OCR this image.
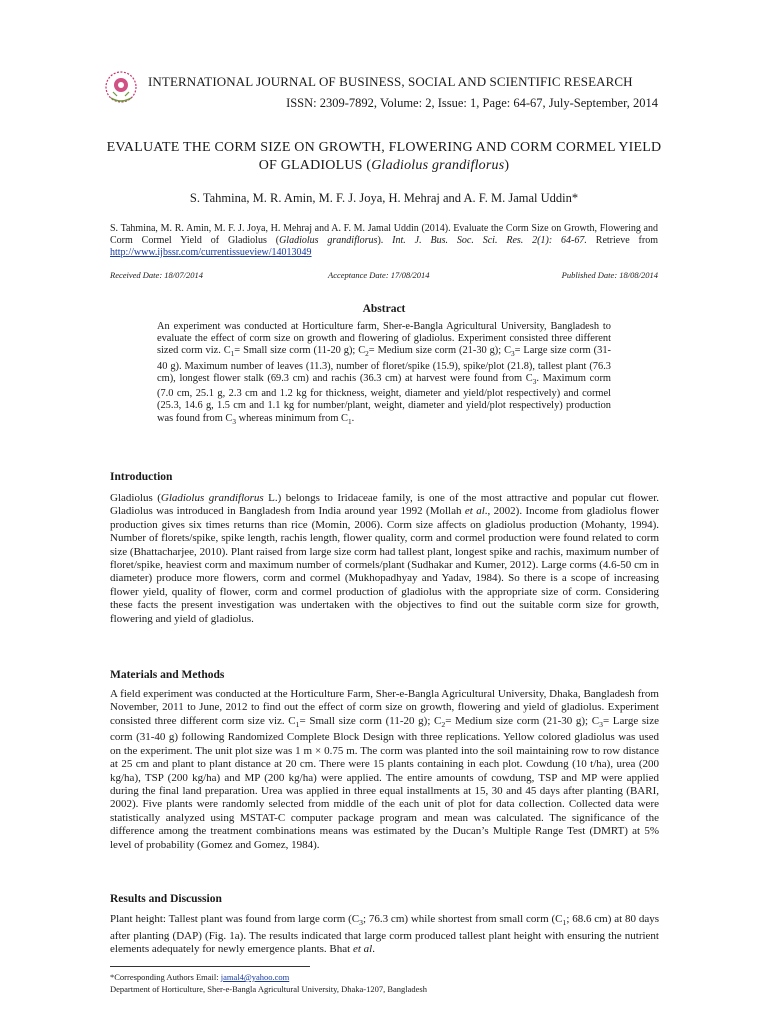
INTERNATIONAL JOURNAL OF BUSINESS, SOCIAL AND SCIENTIFIC RESEARCH
ISSN: 2309-7892, Volume: 2, Issue: 1, Page: 64-67, July-September, 2014
EVALUATE THE CORM SIZE ON GROWTH, FLOWERING AND CORM CORMEL YIELD OF GLADIOLUS (Gladiolus grandiflorus)
S. Tahmina, M. R. Amin, M. F. J. Joya, H. Mehraj and A. F. M. Jamal Uddin*
S. Tahmina, M. R. Amin, M. F. J. Joya, H. Mehraj and A. F. M. Jamal Uddin (2014). Evaluate the Corm Size on Growth, Flowering and Corm Cormel Yield of Gladiolus (Gladiolus grandiflorus). Int. J. Bus. Soc. Sci. Res. 2(1): 64-67. Retrieve from http://www.ijbssr.com/currentissueview/14013049
Received Date: 18/07/2014	Acceptance Date: 17/08/2014	Published Date: 18/08/2014
Abstract
An experiment was conducted at Horticulture farm, Sher-e-Bangla Agricultural University, Bangladesh to evaluate the effect of corm size on growth and flowering of gladiolus. Experiment consisted three different sized corm viz. $C_1=$ Small size corm (11-20 g); $C_2=$ Medium size corm (21-30 g); $C_3=$ Large size corm (31-40 g). Maximum number of leaves (11.3), number of floret/spike (15.9), spike/plot (21.8), tallest plant (76.3 cm), longest flower stalk (69.3 cm) and rachis (36.3 cm) at harvest were found from $C_3$. Maximum corm (7.0 cm, 25.1 g, 2.3 cm and 1.2 kg for thickness, weight, diameter and yield/plot respectively) and cormel (25.3, 14.6 g, 1.5 cm and 1.1 kg for number/plant, weight, diameter and yield/plot respectively) production was found from $C_3$ whereas minimum from $C_1$.
Introduction
Gladiolus (Gladiolus grandiflorus L.) belongs to Iridaceae family, is one of the most attractive and popular cut flower. Gladiolus was introduced in Bangladesh from India around year 1992 (Mollah et al., 2002). Income from gladiolus flower production gives six times returns than rice (Momin, 2006). Corm size affects on gladiolus production (Mohanty, 1994). Number of florets/spike, spike length, rachis length, flower quality, corm and cormel production were found related to corm size (Bhattacharjee, 2010). Plant raised from large size corm had tallest plant, longest spike and rachis, maximum number of floret/spike, heaviest corm and maximum number of cormels/plant (Sudhakar and Kumer, 2012). Large corms (4.6-50 cm in diameter) produce more flowers, corm and cormel (Mukhopadhyay and Yadav, 1984). So there is a scope of increasing flower yield, quality of flower, corm and cormel production of gladiolus with the appropriate size of corm. Considering these facts the present investigation was undertaken with the objectives to find out the suitable corm size for growth, flowering and yield of gladiolus.
Materials and Methods
A field experiment was conducted at the Horticulture Farm, Sher-e-Bangla Agricultural University, Dhaka, Bangladesh from November, 2011 to June, 2012 to find out the effect of corm size on growth, flowering and yield of gladiolus. Experiment consisted three different corm size viz. $C_1=$ Small size corm (11-20 g); $C_2=$ Medium size corm (21-30 g); $C_3=$ Large size corm (31-40 g) following Randomized Complete Block Design with three replications. Yellow colored gladiolus was used on the experiment. The unit plot size was 1 m × 0.75 m. The corm was planted into the soil maintaining row to row distance at 25 cm and plant to plant distance at 20 cm. There were 15 plants containing in each plot. Cowdung (10 t/ha), urea (200 kg/ha), TSP (200 kg/ha) and MP (200 kg/ha) were applied. The entire amounts of cowdung, TSP and MP were applied during the final land preparation. Urea was applied in three equal installments at 15, 30 and 45 days after planting (BARI, 2002). Five plants were randomly selected from middle of the each unit of plot for data collection. Collected data were statistically analyzed using MSTAT-C computer package program and mean was calculated. The significance of the difference among the treatment combinations means was estimated by the Ducan’s Multiple Range Test (DMRT) at 5% level of probability (Gomez and Gomez, 1984).
Results and Discussion
Plant height: Tallest plant was found from large corm ($C_3$; 76.3 cm) while shortest from small corm ($C_1$; 68.6 cm) at 80 days after planting (DAP) (Fig. 1a). The results indicated that large corm produced tallest plant height with ensuring the nutrient elements adequately for newly emergence plants. Bhat et al.
*Corresponding Authors Email: jamal4@yahoo.com
Department of Horticulture, Sher-e-Bangla Agricultural University, Dhaka-1207, Bangladesh
